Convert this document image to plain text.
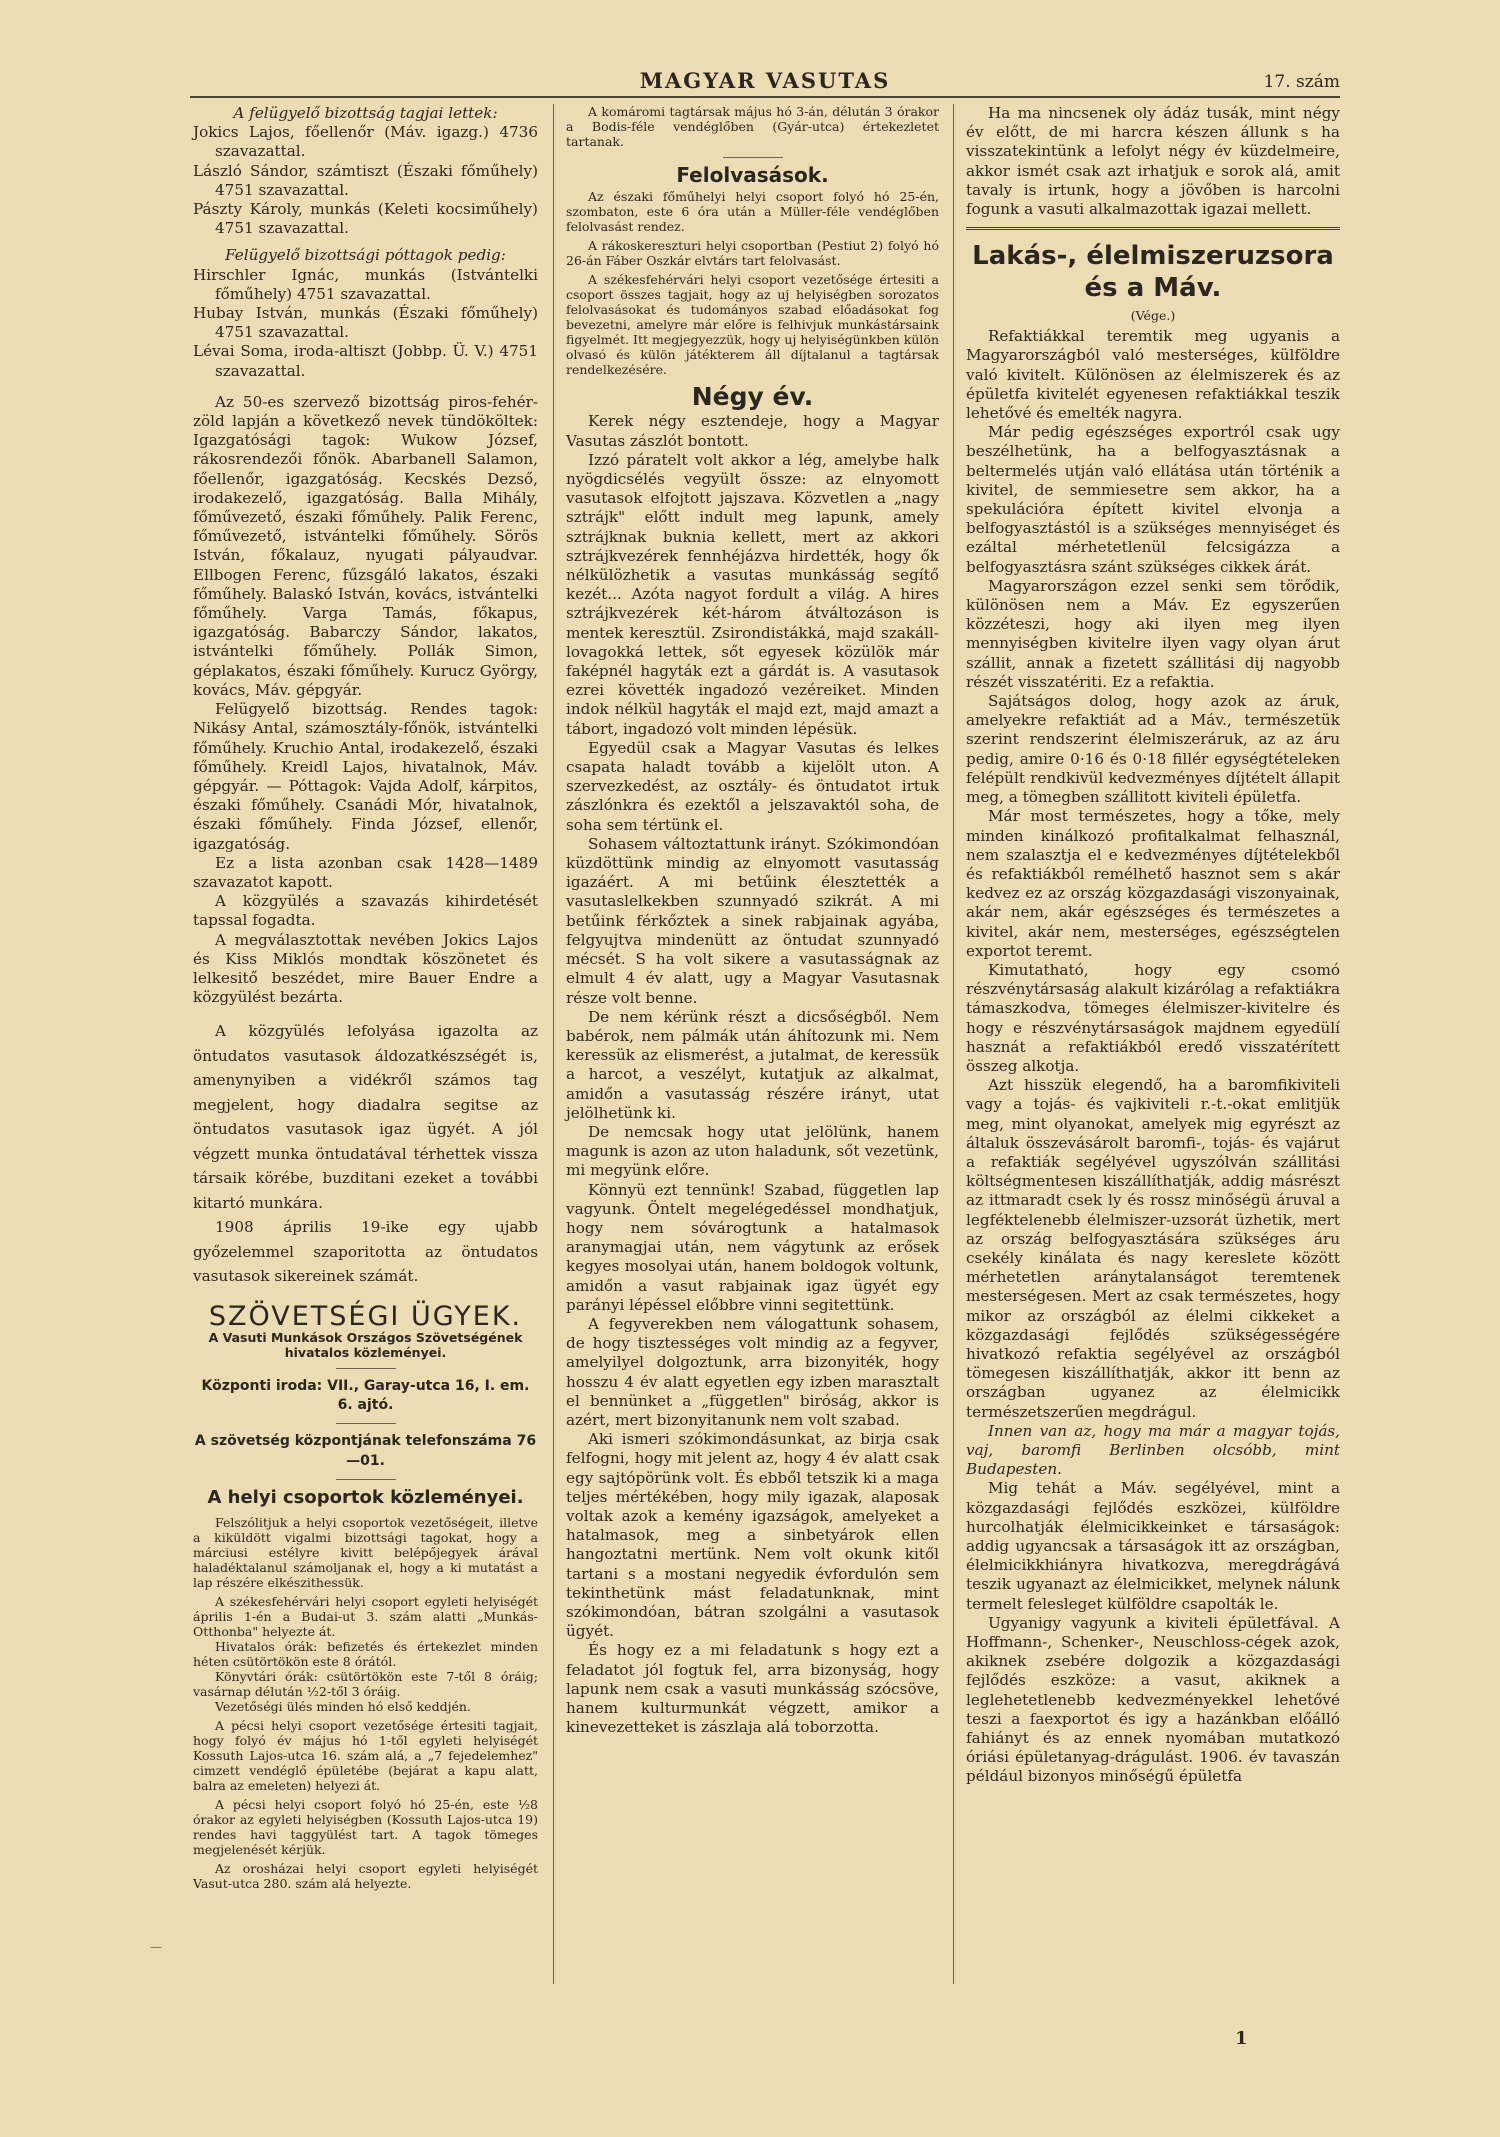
MAGYAR VASUTAS	17. szám

A felügyelő bizottság tagjai lettek:

Jokics Lajos, főellenőr (Máv. igazg.) 4736 szavazattal.

László Sándor, számtiszt (Északi főműhely) 4751 szavazattal.

Pászty Károly, munkás (Keleti kocsiműhely) 4751 szavazattal.

Felügyelő bizottsági póttagok pedig:

Hirschler Ignác, munkás (Istvántelki főműhely) 4751 szavazattal.

Hubay István, munkás (Északi főműhely) 4751 szavazattal.

Lévai Soma, iroda-altiszt (Jobbp. Ü. V.) 4751 szavazattal.

Az 50-es szervező bizottság piros-fehér-zöld lapján a következő nevek tündököltek: Igazgatósági tagok: Wukow József, rákosrendezői főnök. Abarbanell Salamon, főellenőr, igazgatóság. Kecskés Dezső, irodakezelő, igazgatóság. Balla Mihály, főművezető, északi főműhely. Palik Ferenc, főművezető, istvántelki főműhely. Sörös István, főkalauz, nyugati pályaudvar. Ellbogen Ferenc, fűzsgáló lakatos, északi főműhely. Balaskó István, kovács, istvántelki főműhely. Varga Tamás, főkapus, igazgatóság. Babarczy Sándor, lakatos, istvántelki főműhely. Pollák Simon, géplakatos, északi főműhely. Kurucz György, kovács, Máv. gépgyár.

Felügyelő bizottság. Rendes tagok: Nikásy Antal, számosztály-főnök, istvántelki főműhely. Kruchio Antal, irodakezelő, északi főműhely. Kreidl Lajos, hivatalnok, Máv. gépgyár. — Póttagok: Vajda Adolf, kárpitos, északi főműhely. Csanádi Mór, hivatalnok, északi főműhely. Finda József, ellenőr, igazgatóság.

Ez a lista azonban csak 1428—1489 szavazatot kapott.

A közgyülés a szavazás kihirdetését tapssal fogadta.

A megválasztottak nevében Jokics Lajos és Kiss Miklós mondtak köszönetet és lelkesitő beszédet, mire Bauer Endre a közgyülést bezárta.

A közgyülés lefolyása igazolta az öntudatos vasutasok áldozatkészségét is, amenynyiben a vidékről számos tag megjelent, hogy diadalra segitse az öntudatos vasutasok igaz ügyét. A jól végzett munka öntudatával térhettek vissza társaik körébe, buzditani ezeket a további kitartó munkára.

1908 április 19-ike egy ujabb győzelemmel szaporitotta az öntudatos vasutasok sikereinek számát.

SZÖVETSÉGI ÜGYEK.
A Vasuti Munkások Országos Szövetségének hivatalos közleményei.
Központi iroda: VII., Garay-utca 16, I. em. 6. ajtó.
A szövetség központjának telefonszáma 76—01.
A helyi csoportok közleményei.

Felszólitjuk a helyi csoportok vezetőségeit, illetve a kiküldött vigalmi bizottsági tagokat, hogy a márciusi estélyre kivitt belépőjegyek árával haladéktalanul számoljanak el, hogy a ki mutatást a lap részére elkészithessük.

A székesfehérvári helyi csoport egyleti helyiségét április 1-én a Budai-ut 3. szám alatti „Munkás-Otthonba" helyezte át.

Hivatalos órák: befizetés és értekezlet minden héten csütörtökön este 8 órától.

Könyvtári órák: csütörtökön este 7-től 8 óráig; vasárnap délután ½2-től 3 óráig.

Vezetőségi ülés minden hó első keddjén.

A pécsi helyi csoport vezetősége értesiti tagjait, hogy folyó év május hó 1-től egyleti helyiségét Kossuth Lajos-utca 16. szám alá, a „7 fejedelemhez" cimzett vendéglő épületébe (bejárat a kapu alatt, balra az emeleten) helyezi át.

A pécsi helyi csoport folyó hó 25-én, este ½8 órakor az egyleti helyiségben (Kossuth Lajos-utca 19) rendes havi taggyülést tart. A tagok tömeges megjelenését kérjük.

Az orosházai helyi csoport egyleti helyiségét Vasut-utca 280. szám alá helyezte.

A komáromi tagtársak május hó 3-án, délután 3 órakor a Bodis-féle vendéglőben (Gyár-utca) értekezletet tartanak.

Felolvasások.

Az északi főműhelyi helyi csoport folyó hó 25-én, szombaton, este 6 óra után a Müller-féle vendéglőben felolvasást rendez.

A rákoskereszturi helyi csoportban (Pestiut 2) folyó hó 26-án Fáber Oszkár elvtárs tart felolvasást.

A székesfehérvári helyi csoport vezetősége értesiti a csoport összes tagjait, hogy az uj helyiségben sorozatos felolvasásokat és tudományos szabad előadásokat fog bevezetni, amelyre már előre is felhivjuk munkástársaink figyelmét. Itt megjegyezzük, hogy uj helyiségünkben külön olvasó és külön játékterem áll díjtalanul a tagtársak rendelkezésére.

Négy év.

Kerek négy esztendeje, hogy a Magyar Vasutas zászlót bontott.

Izzó páratelt volt akkor a lég, amelybe halk nyögdicsélés vegyült össze: az elnyomott vasutasok elfojtott jajszava. Közvetlen a „nagy sztrájk" előtt indult meg lapunk, amely sztrájknak buknia kellett, mert az akkori sztrájkvezérek fennhéjázva hirdették, hogy ők nélkülözhetik a vasutas munkásság segítő kezét... Azóta nagyot fordult a világ. A hires sztrájkvezérek két-három átváltozáson is mentek keresztül. Zsirondistákká, majd szakáll-lovagokká lettek, sőt egyesek közülök már faképnél hagyták ezt a gárdát is. A vasutasok ezrei követték ingadozó vezéreiket. Minden indok nélkül hagyták el majd ezt, majd amazt a tábort, ingadozó volt minden lépésük.

Egyedül csak a Magyar Vasutas és lelkes csapata haladt tovább a kijelölt uton. A szervezkedést, az osztály- és öntudatot irtuk zászlónkra és ezektől a jelszavaktól soha, de soha sem tértünk el.

Sohasem változtattunk irányt. Szókimondóan küzdöttünk mindig az elnyomott vasutasság igazáért. A mi betűink élesztették a vasutaslelkekben szunnyadó szikrát. A mi betűink férkőztek a sinek rabjainak agyába, felgyujtva mindenütt az öntudat szunnyadó mécsét. S ha volt sikere a vasutasságnak az elmult 4 év alatt, ugy a Magyar Vasutasnak része volt benne.

De nem kérünk részt a dicsőségből. Nem babérok, nem pálmák után áhítozunk mi. Nem keressük az elismerést, a jutalmat, de keressük a harcot, a veszélyt, kutatjuk az alkalmat, amidőn a vasutasság részére irányt, utat jelölhetünk ki.

De nemcsak hogy utat jelölünk, hanem magunk is azon az uton haladunk, sőt vezetünk, mi megyünk előre.

Könnyü ezt tennünk! Szabad, független lap vagyunk. Öntelt megelégedéssel mondhatjuk, hogy nem sóvárogtunk a hatalmasok aranymagjai után, nem vágytunk az erősek kegyes mosolyai után, hanem boldogok voltunk, amidőn a vasut rabjainak igaz ügyét egy parányi lépéssel előbbre vinni segitettünk.

A fegyverekben nem válogattunk sohasem, de hogy tisztességes volt mindig az a fegyver, amelyilyel dolgoztunk, arra bizonyiték, hogy hosszu 4 év alatt egyetlen egy izben marasztalt el bennünket a „független" biróság, akkor is azért, mert bizonyitanunk nem volt szabad.

Aki ismeri szókimondásunkat, az birja csak felfogni, hogy mit jelent az, hogy 4 év alatt csak egy sajtópörünk volt. És ebből tetszik ki a maga teljes mértékében, hogy mily igazak, alaposak voltak azok a kemény igazságok, amelyeket a hatalmasok, meg a sinbetyárok ellen hangoztatni mertünk. Nem volt okunk kitől tartani s a mostani negyedik évfordulón sem tekinthetünk mást feladatunknak, mint szókimondóan, bátran szolgálni a vasutasok ügyét.

És hogy ez a mi feladatunk s hogy ezt a feladatot jól fogtuk fel, arra bizonyság, hogy lapunk nem csak a vasuti munkásság szócsöve, hanem kulturmunkát végzett, amikor a kinevezetteket is zászlaja alá toborzotta.

Ha ma nincsenek oly ádáz tusák, mint négy év előtt, de mi harcra készen állunk s ha visszatekintünk a lefolyt négy év küzdelmeire, akkor ismét csak azt irhatjuk e sorok alá, amit tavaly is irtunk, hogy a jövőben is harcolni fogunk a vasuti alkalmazottak igazai mellett.

Lakás-, élelmiszeruzsora és a Máv.

(Vége.)

Refaktiákkal teremtik meg ugyanis a Magyarországból való mesterséges, külföldre való kivitelt. Különösen az élelmiszerek és az épületfa kivitelét egyenesen refaktiákkal teszik lehetővé és emelték nagyra.

Már pedig egészséges exportról csak ugy beszélhetünk, ha a belfogyasztásnak a beltermelés utján való ellátása után történik a kivitel, de semmiesetre sem akkor, ha a spekulációra épített kivitel elvonja a belfogyasztástól is a szükséges mennyiséget és ezáltal mérhetetlenül felcsigázza a belfogyasztásra szánt szükséges cikkek árát.

Magyarországon ezzel senki sem törődik, különösen nem a Máv. Ez egyszerűen közzéteszi, hogy aki ilyen meg ilyen mennyiségben kivitelre ilyen vagy olyan árut szállit, annak a fizetett szállitási dij nagyobb részét visszatériti. Ez a refaktia.

Sajátságos dolog, hogy azok az áruk, amelyekre refaktiát ad a Máv., természetük szerint rendszerint élelmiszeráruk, az az áru pedig, amire 0·16 és 0·18 fillér egységtételeken felépült rendkivül kedvezményes díjtételt állapit meg, a tömegben szállitott kiviteli épületfa.

Már most természetes, hogy a tőke, mely minden kinálkozó profitalkalmat felhasznál, nem szalasztja el e kedvezményes díjtételekből és refaktiákból remélhető hasznot sem s akár kedvez ez az ország közgazdasági viszonyainak, akár nem, akár egészséges és természetes a kivitel, akár nem, mesterséges, egészségtelen exportot teremt.

Kimutatható, hogy egy csomó részvénytársaság alakult kizárólag a refaktiákra támaszkodva, tömeges élelmiszer-kivitelre és hogy e részvénytársaságok majdnem egyedülí hasznát a refaktiákból eredő visszatérített összeg alkotja.

Azt hisszük elegendő, ha a baromfikiviteli vagy a tojás- és vajkiviteli r.-t.-okat emlitjük meg, mint olyanokat, amelyek mig egyrészt az általuk összevásárolt baromfi-, tojás- és vajárut a refaktiák segélyével ugyszólván szállitási költségmentesen kiszállíthatják, addig másrészt az ittmaradt csek ly és rossz minőségü áruval a legféktelenebb élelmiszer-uzsorát üzhetik, mert az ország belfogyasztására szükséges áru csekély kinálata és nagy kereslete között mérhetetlen aránytalanságot teremtenek mesterségesen. Mert az csak természetes, hogy mikor az országból az élelmi cikkeket a közgazdasági fejlődés szükségességére hivatkozó refaktia segélyével az országból tömegesen kiszállíthatják, akkor itt benn az országban ugyanez az élelmicikk természetszerűen megdrágul.

Innen van az, hogy ma már a magyar tojás, vaj, baromfi Berlinben olcsóbb, mint Budapesten.

Mig tehát a Máv. segélyével, mint a közgazdasági fejlődés eszközei, külföldre hurcolhatják élelmicikkeinket e társaságok: addig ugyancsak a társaságok itt az országban, élelmicikkhiányra hivatkozva, meregdrágává teszik ugyanazt az élelmicikket, melynek nálunk termelt felesleget külföldre csapolták le.

Ugyanigy vagyunk a kiviteli épületfával. A Hoffmann-, Schenker-, Neuschloss-cégek azok, akiknek zsebére dolgozik a közgazdasági fejlődés eszköze: a vasut, akiknek a leglehetetlenebb kedvezményekkel lehetővé teszi a faexportot és igy a hazánkban előálló fahiányt és az ennek nyomában mutatkozó óriási épületanyag-drágulást. 1906. év tavaszán például bizonyos minőségű épületfa

—
1
